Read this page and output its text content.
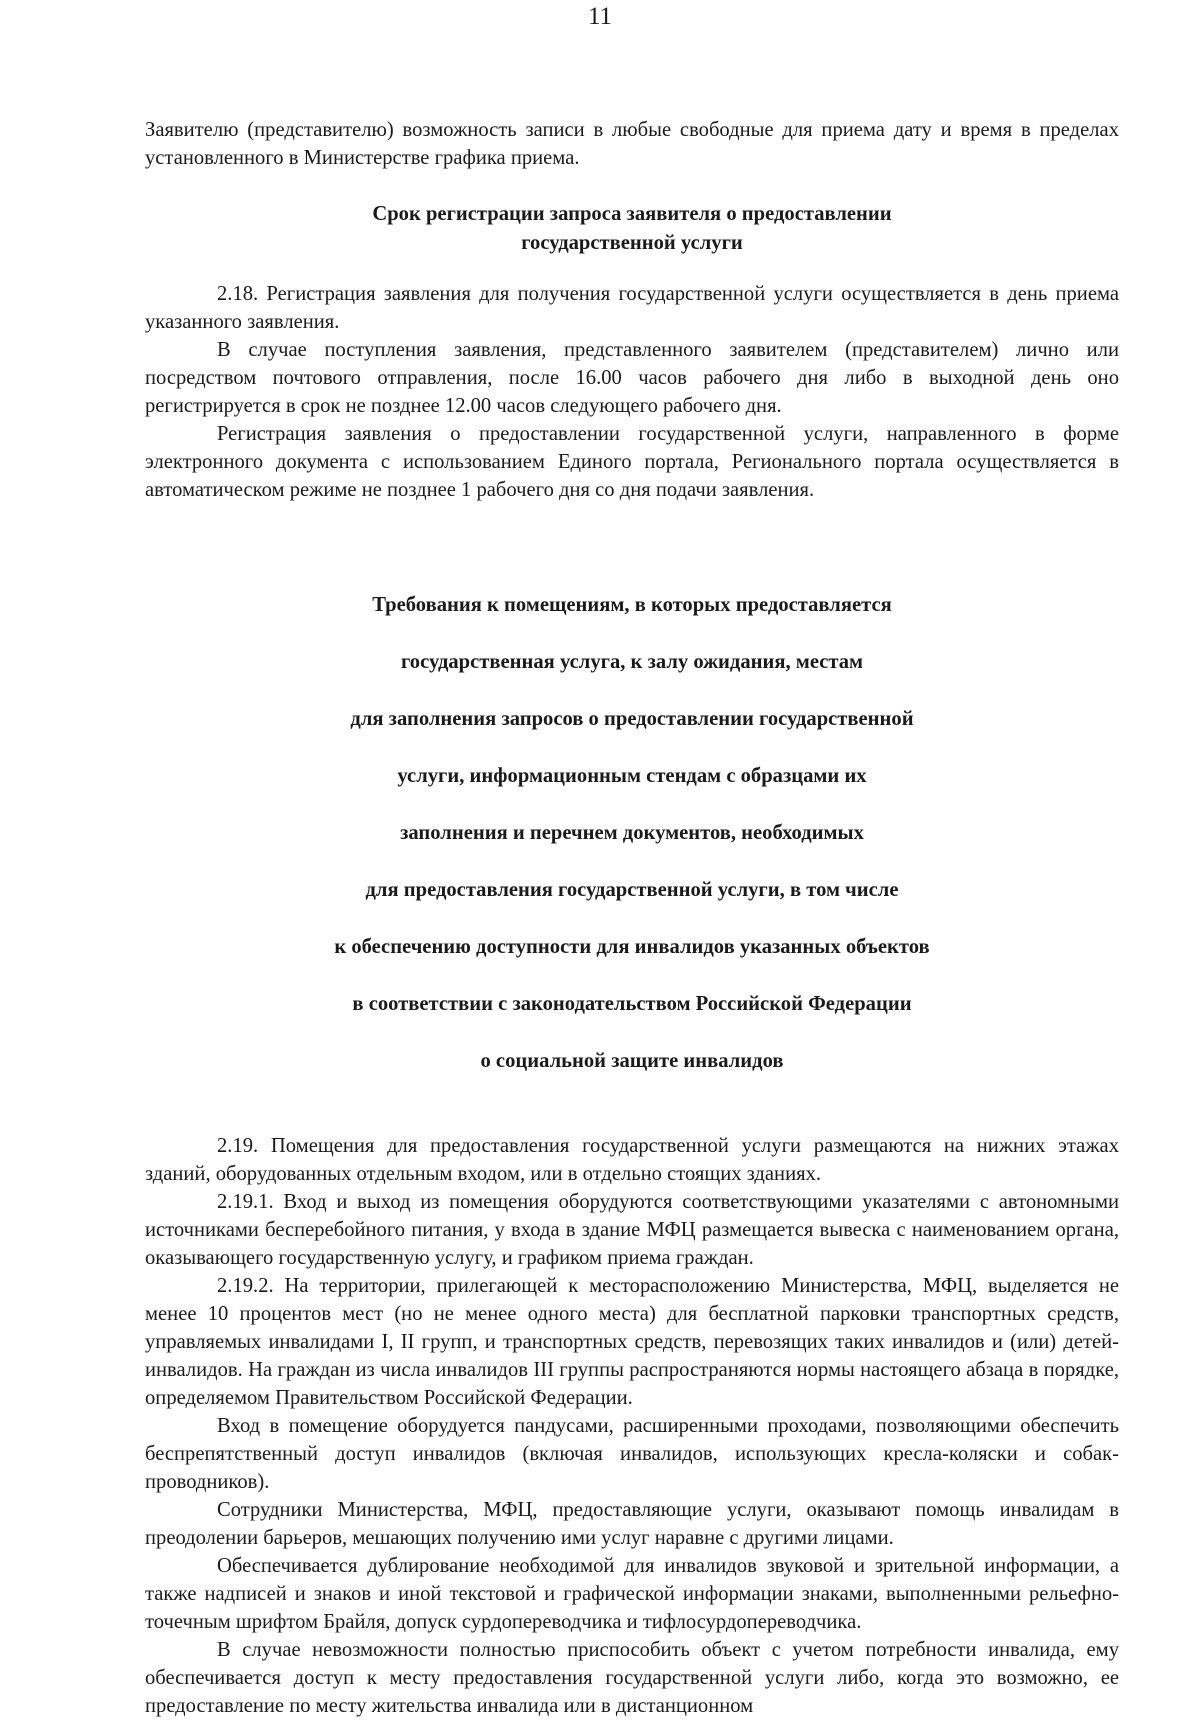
11

Заявителю (представителю) возможность записи в любые свободные для приема дату и время в пределах установленного в Министерстве графика приема.

Срок регистрации запроса заявителя о предоставлении
государственной услуги

2.18. Регистрация заявления для получения государственной услуги осуществляется в день приема указанного заявления.

В случае поступления заявления, представленного заявителем (представителем) лично или посредством почтового отправления, после 16.00 часов рабочего дня либо в выходной день оно регистрируется в срок не позднее 12.00 часов следующего рабочего дня.

Регистрация заявления о предоставлении государственной услуги, направленного в форме электронного документа с использованием Единого портала, Регионального портала осуществляется в автоматическом режиме не позднее 1 рабочего дня со дня подачи заявления.

Требования к помещениям, в которых предоставляется

государственная услуга, к залу ожидания, местам

для заполнения запросов о предоставлении государственной

услуги, информационным стендам с образцами их

заполнения и перечнем документов, необходимых

для предоставления государственной услуги, в том числе

к обеспечению доступности для инвалидов указанных объектов

в соответствии с законодательством Российской Федерации

о социальной защите инвалидов

2.19. Помещения для предоставления государственной услуги размещаются на нижних этажах зданий, оборудованных отдельным входом, или в отдельно стоящих зданиях.

2.19.1. Вход и выход из помещения оборудуются соответствующими указателями с автономными источниками бесперебойного питания, у входа в здание МФЦ размещается вывеска с наименованием органа, оказывающего государственную услугу, и графиком приема граждан.

2.19.2. На территории, прилегающей к месторасположению Министерства, МФЦ, выделяется не менее 10 процентов мест (но не менее одного места) для бесплатной парковки транспортных средств, управляемых инвалидами I, II групп, и транспортных средств, перевозящих таких инвалидов и (или) детей-инвалидов. На граждан из числа инвалидов III группы распространяются нормы настоящего абзаца в порядке, определяемом Правительством Российской Федерации.

Вход в помещение оборудуется пандусами, расширенными проходами, позволяющими обеспечить беспрепятственный доступ инвалидов (включая инвалидов, использующих кресла-коляски и собак-проводников).

Сотрудники Министерства, МФЦ, предоставляющие услуги, оказывают помощь инвалидам в преодолении барьеров, мешающих получению ими услуг наравне с другими лицами.

Обеспечивается дублирование необходимой для инвалидов звуковой и зрительной информации, а также надписей и знаков и иной текстовой и графической информации знаками, выполненными рельефно-точечным шрифтом Брайля, допуск сурдопереводчика и тифлосурдопереводчика.

В случае невозможности полностью приспособить объект с учетом потребности инвалида, ему обеспечивается доступ к месту предоставления государственной услуги либо, когда это возможно, ее предоставление по месту жительства инвалида или в дистанционном
